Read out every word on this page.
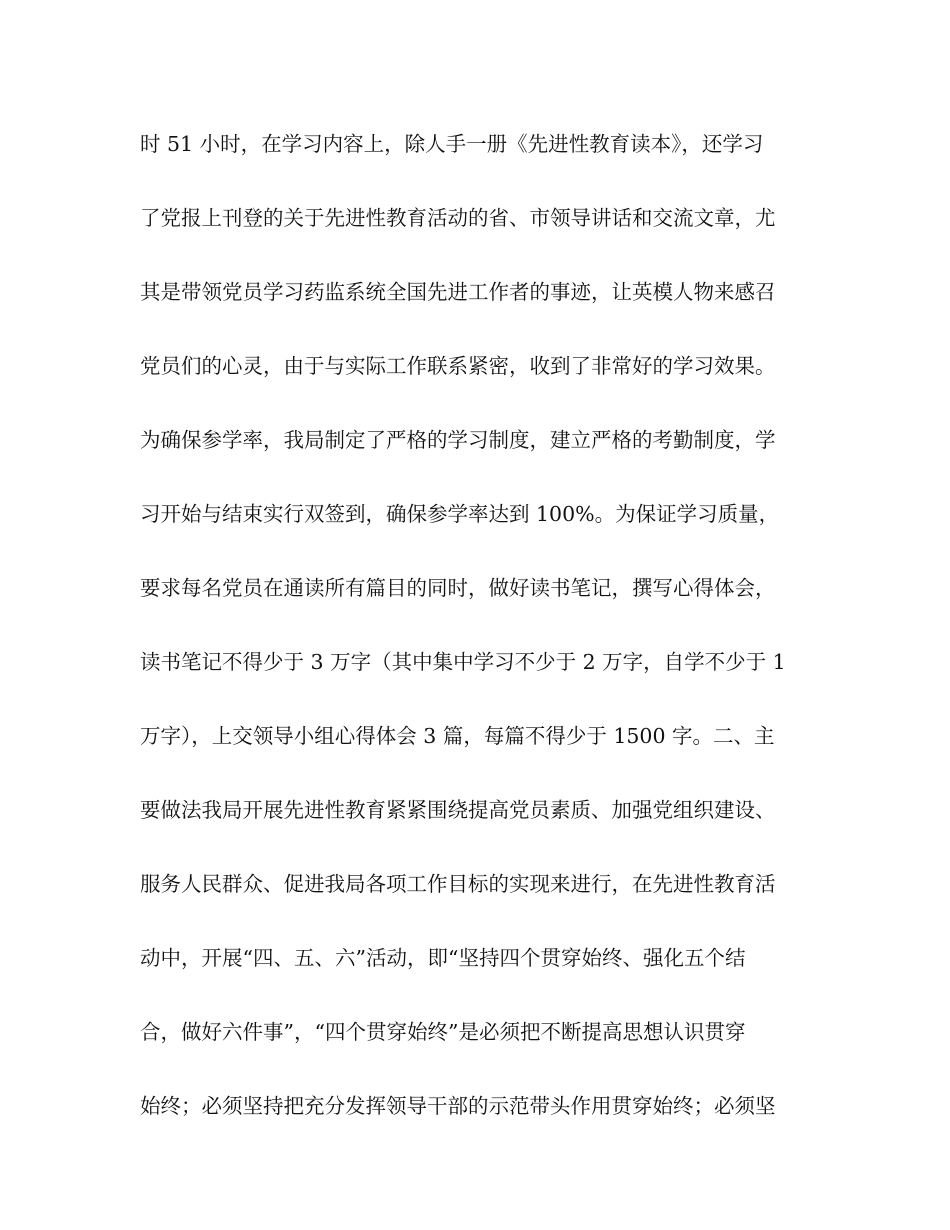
时 51 小时，在学习内容上，除人手一册《先进性教育读本》，还学习
了党报上刊登的关于先进性教育活动的省、市领导讲话和交流文章，尤
其是带领党员学习药监系统全国先进工作者的事迹，让英模人物来感召
党员们的心灵，由于与实际工作联系紧密，收到了非常好的学习效果。
为确保参学率，我局制定了严格的学习制度，建立严格的考勤制度，学
习开始与结束实行双签到，确保参学率达到 100%。为保证学习质量，
要求每名党员在通读所有篇目的同时，做好读书笔记，撰写心得体会，
读书笔记不得少于 3 万字（其中集中学习不少于 2 万字，自学不少于 1
万字），上交领导小组心得体会 3 篇，每篇不得少于 1500 字。二、主
要做法我局开展先进性教育紧紧围绕提高党员素质、加强党组织建设、
服务人民群众、促进我局各项工作目标的实现来进行，在先进性教育活
动中，开展“四、五、六”活动，即“坚持四个贯穿始终、强化五个结
合，做好六件事”，“四个贯穿始终”是必须把不断提高思想认识贯穿
始终；必须坚持把充分发挥领导干部的示范带头作用贯穿始终；必须坚
